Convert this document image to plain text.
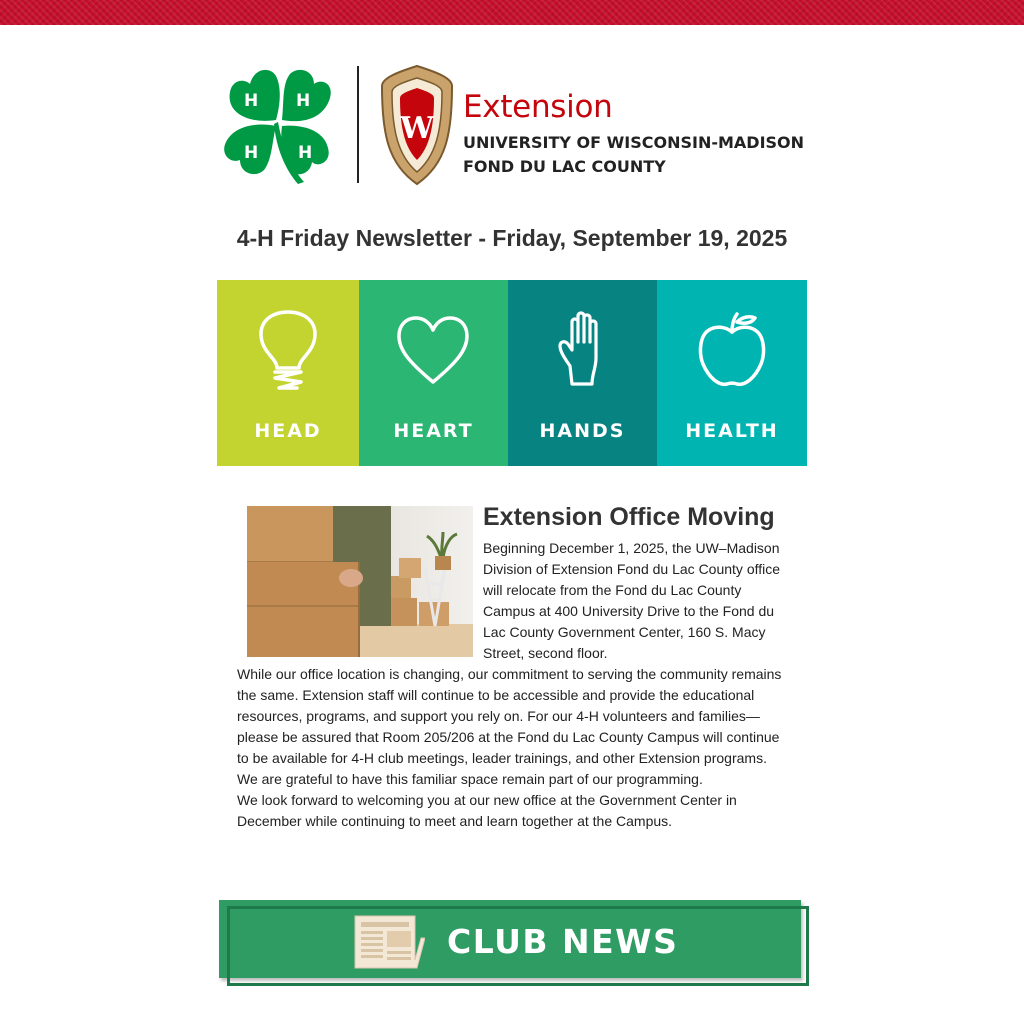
H H
H H
W
Extension
UNIVERSITY OF WISCONSIN-MADISON
FOND DU LAC COUNTY
4-H Friday Newsletter - Friday, September 19, 2025
HEAD	HEART	HANDS	HEALTH
Extension Office Moving

Beginning December 1, 2025, the UW–Madison Division of Extension Fond du Lac County office will relocate from the Fond du Lac County Campus at 400 University Drive to the Fond du Lac County Government Center, 160 S. Macy Street, second floor.

While our office location is changing, our commitment to serving the community remains the same. Extension staff will continue to be accessible and provide the educational resources, programs, and support you rely on. For our 4-H volunteers and families—please be assured that Room 205/206 at the Fond du Lac County Campus will continue to be available for 4-H club meetings, leader trainings, and other Extension programs. We are grateful to have this familiar space remain part of our programming.

We look forward to welcoming you at our new office at the Government Center in December while continuing to meet and learn together at the Campus.

CLUB NEWS
